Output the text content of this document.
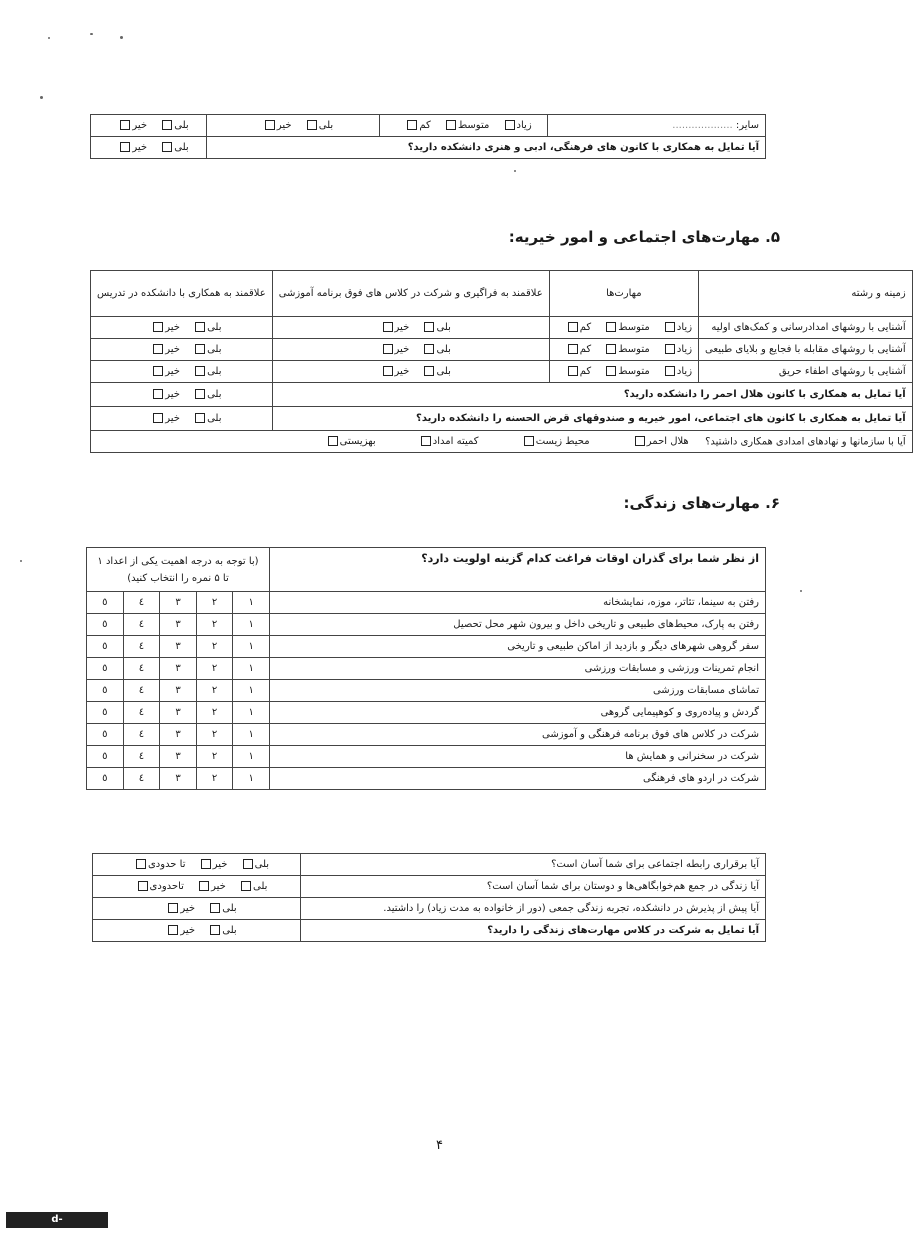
سایر: ...................	زیاد متوسط کم	بلی خیر	بلی خیر
آیا تمایل به همکاری با کانون های فرهنگی، ادبی و هنری دانشکده دارید؟			بلی خیر
۵. مهارت‌های اجتماعی و امور خیریه:
زمینه و رشته	مهارت‌ها	علاقمند به فراگیری و شرکت در کلاس های فوق برنامه آموزشی	علاقمند به همکاری با دانشکده در تدریس
آشنایی با روشهای امدادرسانی و کمک‌های اولیه	زیاد متوسط کم	بلی خیر	بلی خیر
آشنایی با روشهای مقابله با فجایع و بلایای طبیعی	زیاد متوسط کم	بلی خیر	بلی خیر
آشنایی با روشهای اطفاء حریق	زیاد متوسط کم	بلی خیر	بلی خیر
آیا تمایل به همکاری با کانون هلال احمر را دانشکده دارید؟			بلی خیر
آیا تمایل به همکاری با کانون های اجتماعی، امور خیریه و صندوقهای قرض الحسنه را دانشکده دارید؟			بلی خیر
آیا با سازمانها و نهادهای امدادی همکاری داشتید؟  هلال احمر محیط زیست کمیته امداد بهزیستی			
۶. مهارت‌های زندگی:
از نظر شما برای گذران اوقات فراغت کدام گزینه اولویت دارد؟	(با توجه به درجه اهمیت یکی از اعداد ۱ تا ۵ نمره را انتخاب کنید)				
رفتن به سینما، تئاتر، موزه، نمایشخانه	۱	۲	۳	٤	٥
رفتن به پارک، محیط‌های طبیعی و تاریخی داخل و بیرون شهر محل تحصیل	۱	۲	۳	٤	٥
سفر گروهی شهرهای دیگر و بازدید از اماکن طبیعی و تاریخی	۱	۲	۳	٤	٥
انجام تمرینات ورزشی و مسابقات ورزشی	۱	۲	۳	٤	٥
تماشای مسابقات ورزشی	۱	۲	۳	٤	٥
گردش و پیاده‌روی و کوهپیمایی گروهی	۱	۲	۳	٤	٥
شرکت در کلاس های فوق برنامه فرهنگی و آموزشی	۱	۲	۳	٤	٥
شرکت در سخنرانی و همایش ها	۱	۲	۳	٤	٥
شرکت در اردو های فرهنگی	۱	۲	۳	٤	٥
آیا برقراری رابطه اجتماعی برای شما آسان است؟	بلی خیر تا حدودی
آیا زندگی در جمع هم‌خوابگاهی‌ها و دوستان برای شما آسان است؟	بلی خیر تاحدودی
آیا پیش از پذیرش در دانشکده، تجربه زندگی جمعی (دور از خانواده به مدت زیاد) را داشتید.	بلی خیر
آیا تمایل به شرکت در کلاس مهارت‌های زندگی را دارید؟	بلی خیر
۴
d-isfahan.tvu.ac.ir
